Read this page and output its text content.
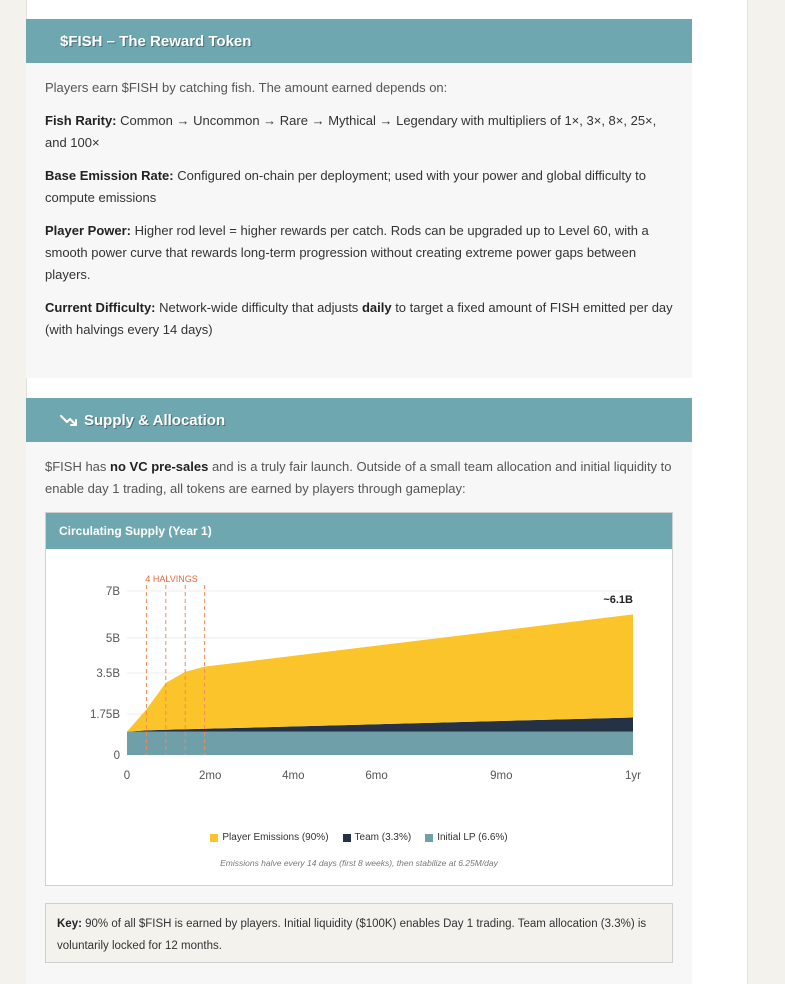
$FISH – The Reward Token

Players earn $FISH by catching fish. The amount earned depends on:

Fish Rarity: Common → Uncommon → Rare → Mythical → Legendary with multipliers of 1×, 3×, 8×, 25×, and 100×

Base Emission Rate: Configured on-chain per deployment; used with your power and global difficulty to compute emissions

Player Power: Higher rod level = higher rewards per catch. Rods can be upgraded up to Level 60, with a smooth power curve that rewards long-term progression without creating extreme power gaps between players.

Current Difficulty: Network-wide difficulty that adjusts daily to target a fixed amount of FISH emitted per day (with halvings every 14 days)

Supply & Allocation

$FISH has no VC pre-sales and is a truly fair launch. Outside of a small team allocation and initial liquidity to enable day 1 trading, all tokens are earned by players through gameplay:

Circulating Supply (Year 1)
0
1.75B
3.5B
5B
7B
4 HALVINGS
~6.1B
0	2mo	4mo	6mo	9mo	1yr
Player Emissions (90%)	Team (3.3%)	Initial LP (6.6%)
Emissions halve every 14 days (first 8 weeks), then stabilize at 6.25M/day
Key: 90% of all $FISH is earned by players. Initial liquidity ($100K) enables Day 1 trading. Team allocation (3.3%) is voluntarily locked for 12 months.
